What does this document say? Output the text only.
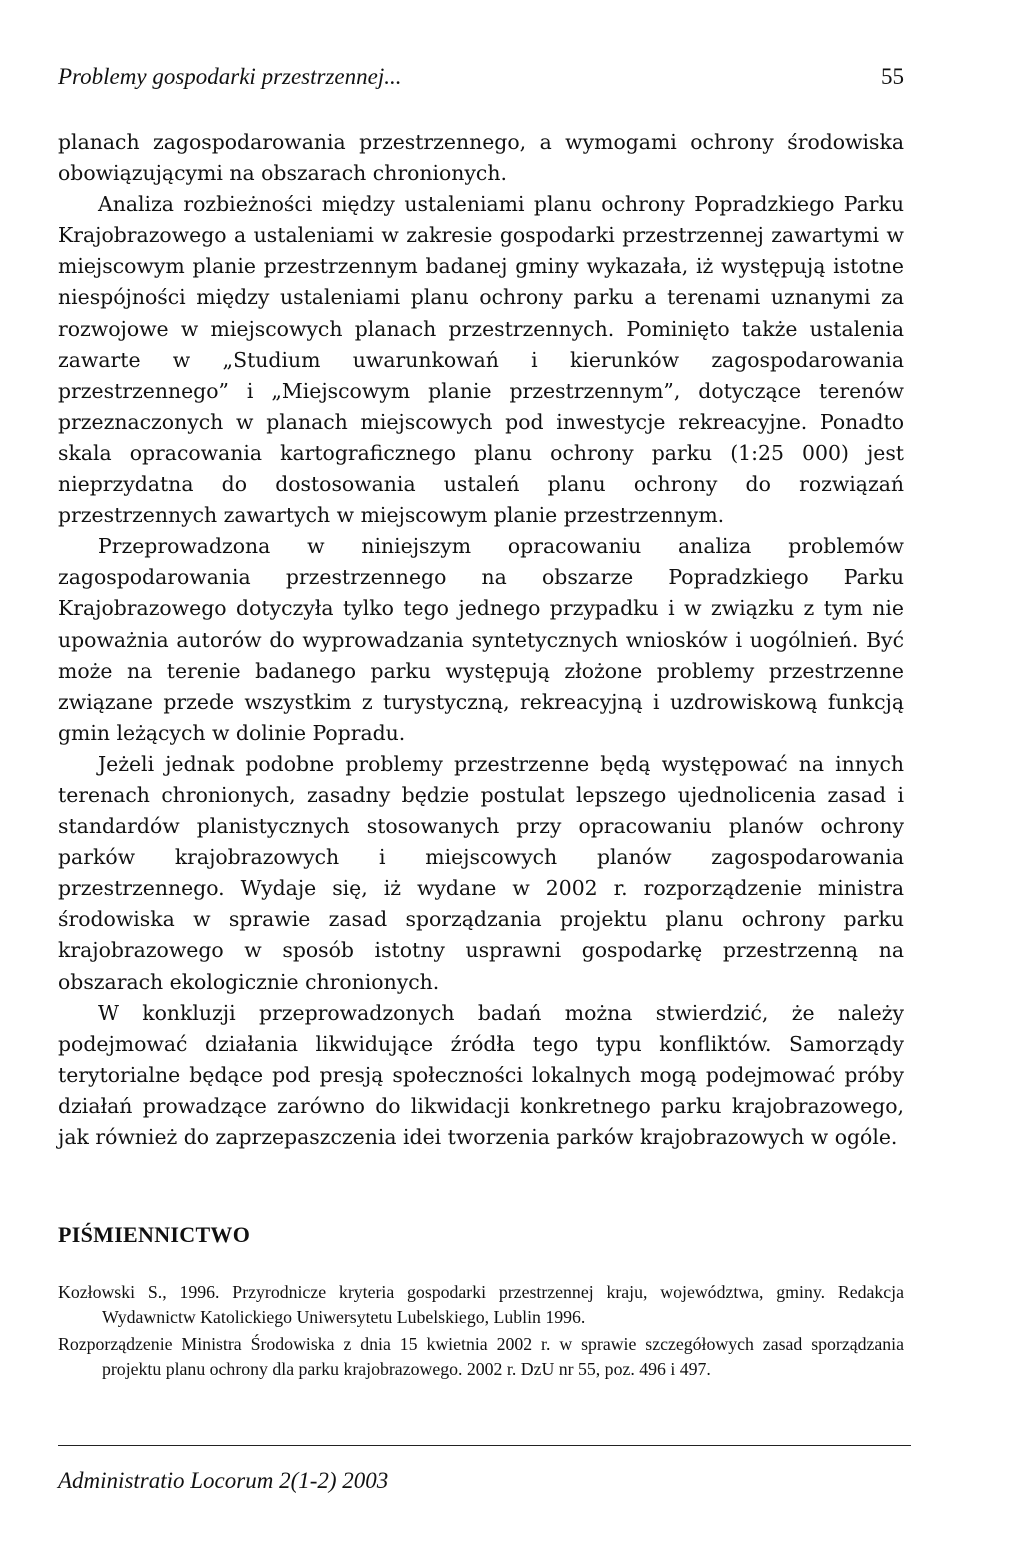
Problemy gospodarki przestrzennej...	55

planach zagospodarowania przestrzennego, a wymogami ochrony środowiska obowiązującymi na obszarach chronionych.

Analiza rozbieżności między ustaleniami planu ochrony Popradzkiego Parku Krajobrazowego a ustaleniami w zakresie gospodarki przestrzennej zawartymi w miejscowym planie przestrzennym badanej gminy wykazała, iż występują istotne niespójności między ustaleniami planu ochrony parku a terenami uznanymi za rozwojowe w miejscowych planach przestrzennych. Pominięto także ustalenia zawarte w „Studium uwarunkowań i kierunków zagospodarowania przestrzennego” i „Miejscowym planie przestrzennym”, dotyczące terenów przeznaczonych w planach miejscowych pod inwestycje rekreacyjne. Ponadto skala opracowania kartograficznego planu ochrony parku (1:25 000) jest nieprzydatna do dostosowania ustaleń planu ochrony do rozwiązań przestrzennych zawartych w miejscowym planie przestrzennym.

Przeprowadzona w niniejszym opracowaniu analiza problemów zagospodarowania przestrzennego na obszarze Popradzkiego Parku Krajobrazowego dotyczyła tylko tego jednego przypadku i w związku z tym nie upoważnia autorów do wyprowadzania syntetycznych wniosków i uogólnień. Być może na terenie badanego parku występują złożone problemy przestrzenne związane przede wszystkim z turystyczną, rekreacyjną i uzdrowiskową funkcją gmin leżących w dolinie Popradu.

Jeżeli jednak podobne problemy przestrzenne będą występować na innych terenach chronionych, zasadny będzie postulat lepszego ujednolicenia zasad i standardów planistycznych stosowanych przy opracowaniu planów ochrony parków krajobrazowych i miejscowych planów zagospodarowania przestrzennego. Wydaje się, iż wydane w 2002 r. rozporządzenie ministra środowiska w sprawie zasad sporządzania projektu planu ochrony parku krajobrazowego w sposób istotny usprawni gospodarkę przestrzenną na obszarach ekologicznie chronionych.

W konkluzji przeprowadzonych badań można stwierdzić, że należy podejmować działania likwidujące źródła tego typu konfliktów. Samorządy terytorialne będące pod presją społeczności lokalnych mogą podejmować próby działań prowadzące zarówno do likwidacji konkretnego parku krajobrazowego, jak również do zaprzepaszczenia idei tworzenia parków krajobrazowych w ogóle.

PIŚMIENNICTWO
Kozłowski S., 1996. Przyrodnicze kryteria gospodarki przestrzennej kraju, województwa, gminy. Redakcja Wydawnictw Katolickiego Uniwersytetu Lubelskiego, Lublin 1996.
Rozporządzenie Ministra Środowiska z dnia 15 kwietnia 2002 r. w sprawie szczegółowych zasad sporządzania projektu planu ochrony dla parku krajobrazowego. 2002 r. DzU nr 55, poz. 496 i 497.
Administratio Locorum 2(1-2) 2003
